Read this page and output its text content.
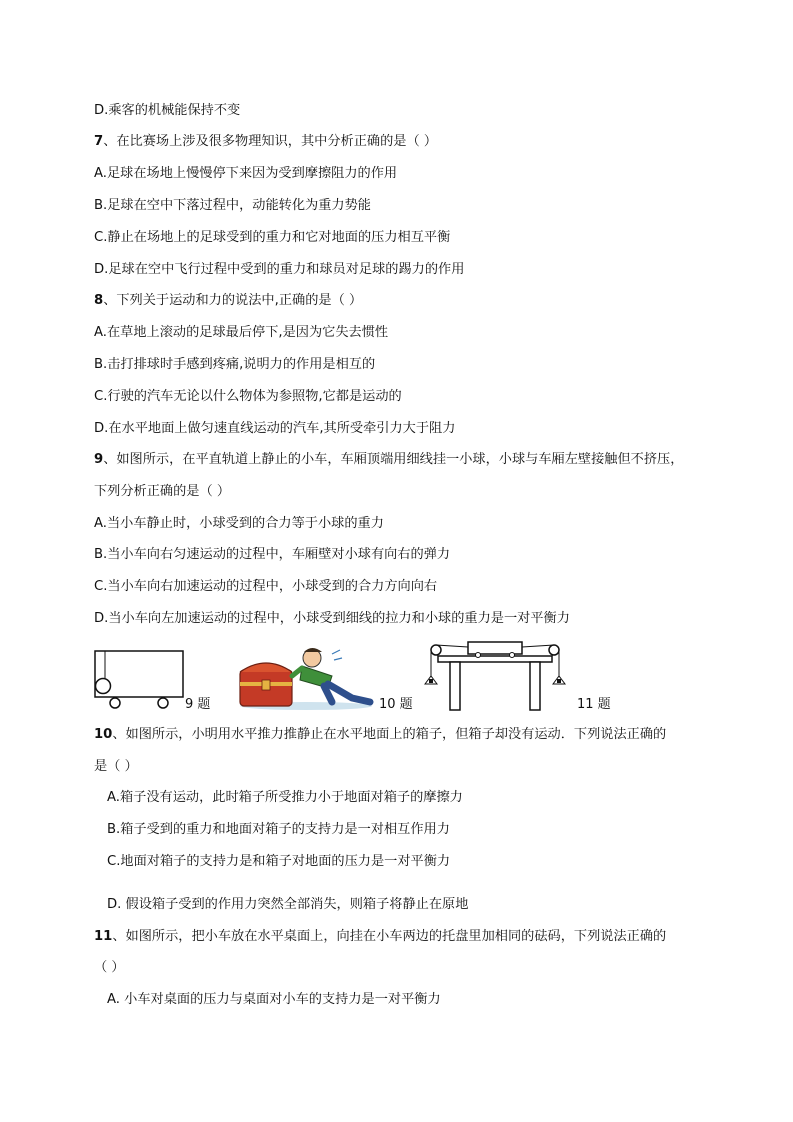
D.乘客的机械能保持不变
7、在比赛场上涉及很多物理知识，其中分析正确的是（ ）
A.足球在场地上慢慢停下来因为受到摩擦阻力的作用
B.足球在空中下落过程中，动能转化为重力势能
C.静止在场地上的足球受到的重力和它对地面的压力相互平衡
D.足球在空中飞行过程中受到的重力和球员对足球的踢力的作用
8、下列关于运动和力的说法中,正确的是（ ）
A.在草地上滚动的足球最后停下,是因为它失去惯性
B.击打排球时手感到疼痛,说明力的作用是相互的
C.行驶的汽车无论以什么物体为参照物,它都是运动的
D.在水平地面上做匀速直线运动的汽车,其所受牵引力大于阻力
9、如图所示，在平直轨道上静止的小车，车厢顶端用细线挂一小球，小球与车厢左壁接触但不挤压，
下列分析正确的是（ ）
A.当小车静止时，小球受到的合力等于小球的重力
B.当小车向右匀速运动的过程中，车厢壁对小球有向右的弹力
C.当小车向右加速运动的过程中，小球受到的合力方向向右
D.当小车向左加速运动的过程中，小球受到细线的拉力和小球的重力是一对平衡力
9 题	10 题	11 题
10、如图所示，小明用水平推力推静止在水平地面上的箱子，但箱子却没有运动．下列说法正确的
是（ ）
A.箱子没有运动，此时箱子所受推力小于地面对箱子的摩擦力
B.箱子受到的重力和地面对箱子的支持力是一对相互作用力
C.地面对箱子的支持力是和箱子对地面的压力是一对平衡力
D. 假设箱子受到的作用力突然全部消失，则箱子将静止在原地
11、如图所示，把小车放在水平桌面上，向挂在小车两边的托盘里加相同的砝码，下列说法正确的
（ ）
A. 小车对桌面的压力与桌面对小车的支持力是一对平衡力
